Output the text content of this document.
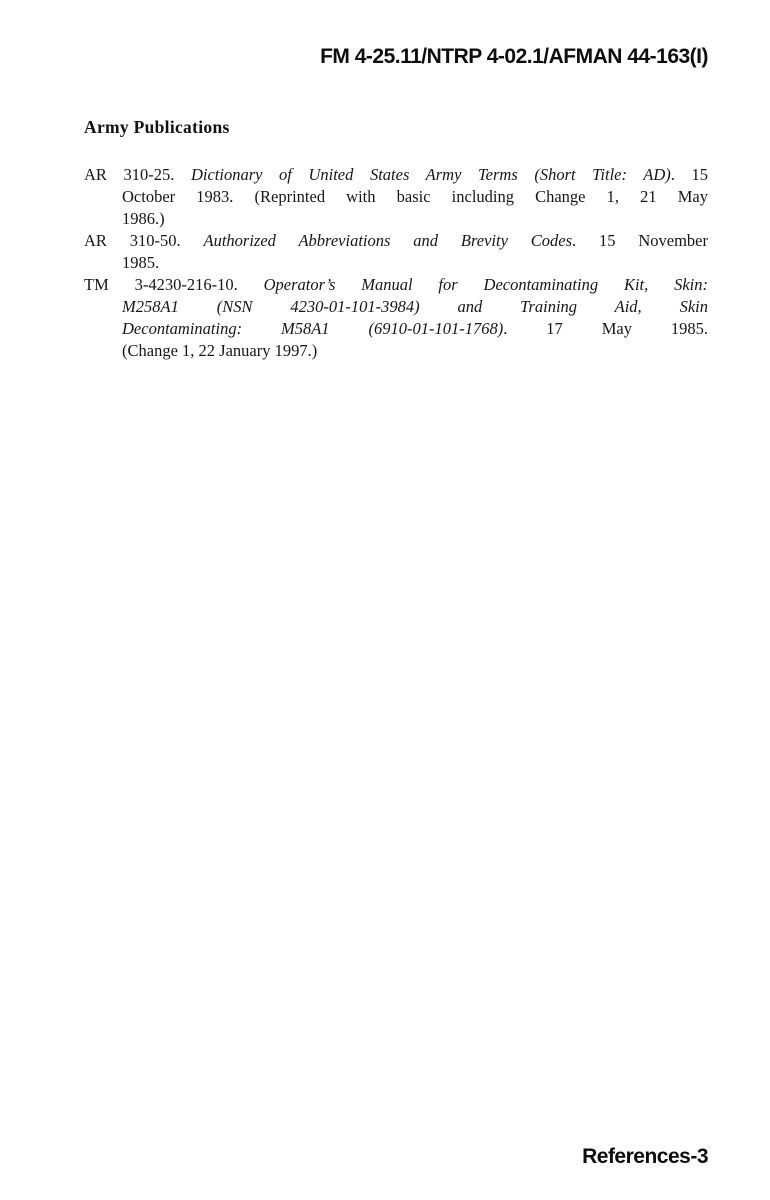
FM 4-25.11/NTRP 4-02.1/AFMAN 44-163(I)
Army Publications
AR 310-25. Dictionary of United States Army Terms (Short Title: AD). 15
October 1983. (Reprinted with basic including Change 1, 21 May
1986.)
AR 310-50. Authorized Abbreviations and Brevity Codes. 15 November
1985.
TM 3-4230-216-10. Operator’s Manual for Decontaminating Kit, Skin:
M258A1 (NSN 4230-01-101-3984) and Training Aid, Skin
Decontaminating: M58A1 (6910-01-101-1768). 17 May 1985.
(Change 1, 22 January 1997.)
References-3
